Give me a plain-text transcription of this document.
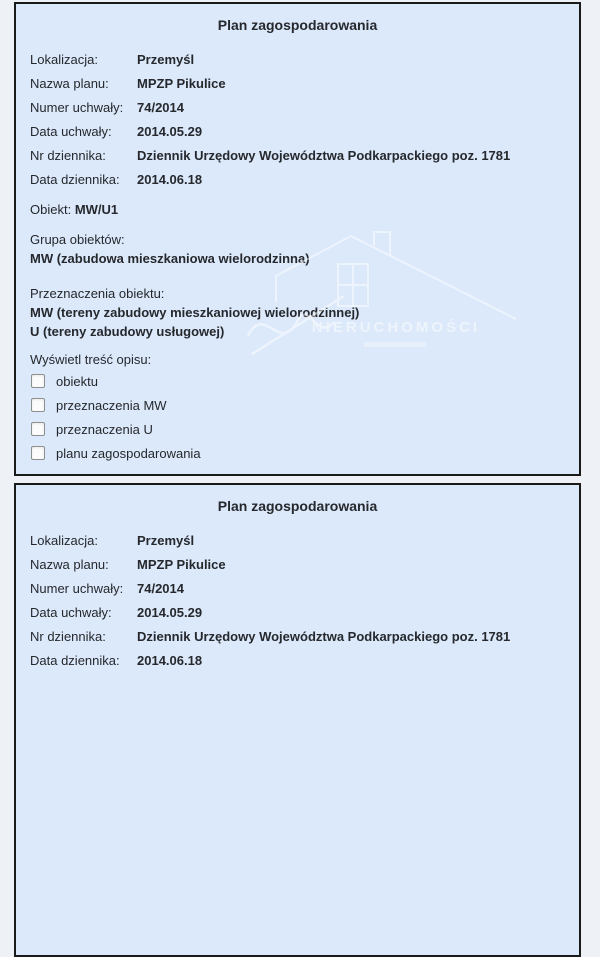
Plan zagospodarowania
Lokalizacja:	Przemyśl
Nazwa planu:	MPZP Pikulice
Numer uchwały:	74/2014
Data uchwały:	2014.05.29
Nr dziennika:	Dziennik Urzędowy Województwa Podkarpackiego poz. 1781
Data dziennika:	2014.06.18
Obiekt: MW/U1
Grupa obiektów:
MW (zabudowa mieszkaniowa wielorodzinna)
Przeznaczenia obiektu:
MW (tereny zabudowy mieszkaniowej wielorodzinnej)
U (tereny zabudowy usługowej)
Wyświetl treść opisu:
obiektu
przeznaczenia MW
przeznaczenia U
planu zagospodarowania
NIERUCHOMOŚCI
Plan zagospodarowania
Lokalizacja:	Przemyśl
Nazwa planu:	MPZP Pikulice
Numer uchwały:	74/2014
Data uchwały:	2014.05.29
Nr dziennika:	Dziennik Urzędowy Województwa Podkarpackiego poz. 1781
Data dziennika:	2014.06.18
